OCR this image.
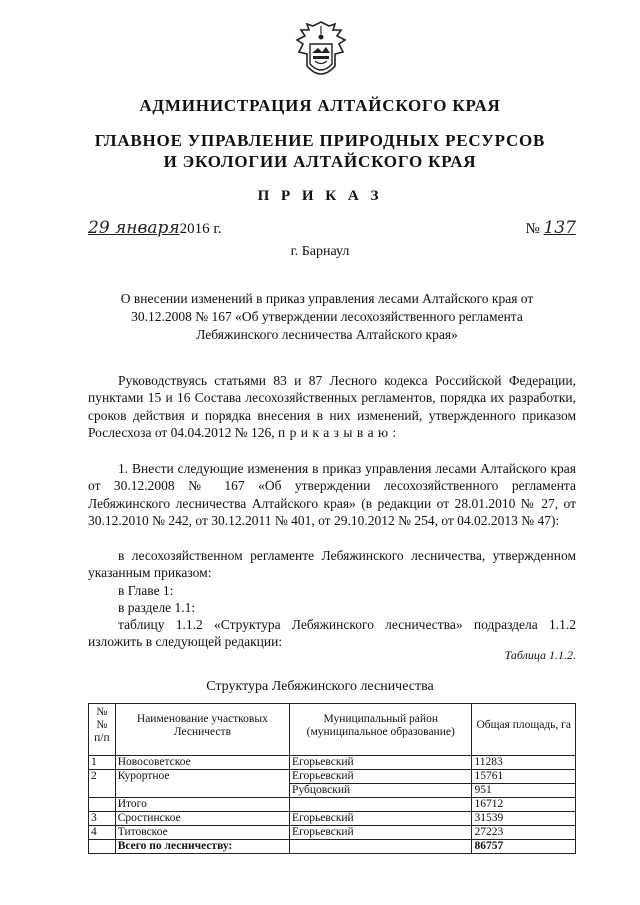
АДМИНИСТРАЦИЯ АЛТАЙСКОГО КРАЯ
ГЛАВНОЕ УПРАВЛЕНИЕ ПРИРОДНЫХ РЕСУРСОВ
И ЭКОЛОГИИ АЛТАЙСКОГО КРАЯ
П Р И К А З
29 января2016 г.	№ 137
г. Барнаул
О внесении изменений в приказ управления лесами Алтайского края от 30.12.2008 № 167 «Об утверждении лесохозяйственного регламента Лебяжинского лесничества Алтайского края»

Руководствуясь статьями 83 и 87 Лесного кодекса Российской Федерации, пунктами 15 и 16 Состава лесохозяйственных регламентов, порядка их разработки, сроков действия и порядка внесения в них изменений, утвержденного приказом Рослесхоза от 04.04.2012 № 126, п р и к а з ы в а ю :

1. Внести следующие изменения в приказ управления лесами Алтайского края от 30.12.2008 № 167 «Об утверждении лесохозяйственного регламента Лебяжинского лесничества Алтайского края» (в редакции от 28.01.2010 № 27, от 30.12.2010 № 242, от 30.12.2011 № 401, от 29.10.2012 № 254, от 04.02.2013 № 47):

в лесохозяйственном регламенте Лебяжинского лесничества, утвержденном указанным приказом:

в Главе 1:

в разделе 1.1:

таблицу 1.1.2 «Структура Лебяжинского лесничества» подраздела 1.1.2 изложить в следующей редакции:

Таблица 1.1.2.
Структура Лебяжинского лесничества
№№ п/п	Наименование участковых Лесничеств	Муниципальный район (муниципальное образование)	Общая площадь, га
1	Новосоветское	Егорьевский	11283
2	Курортное	Егорьевский	15761
		Рубцовский	951
	Итого		16712
3	Сростинское	Егорьевский	31539
4	Титовское	Егорьевский	27223
	Всего по лесничеству:		86757
